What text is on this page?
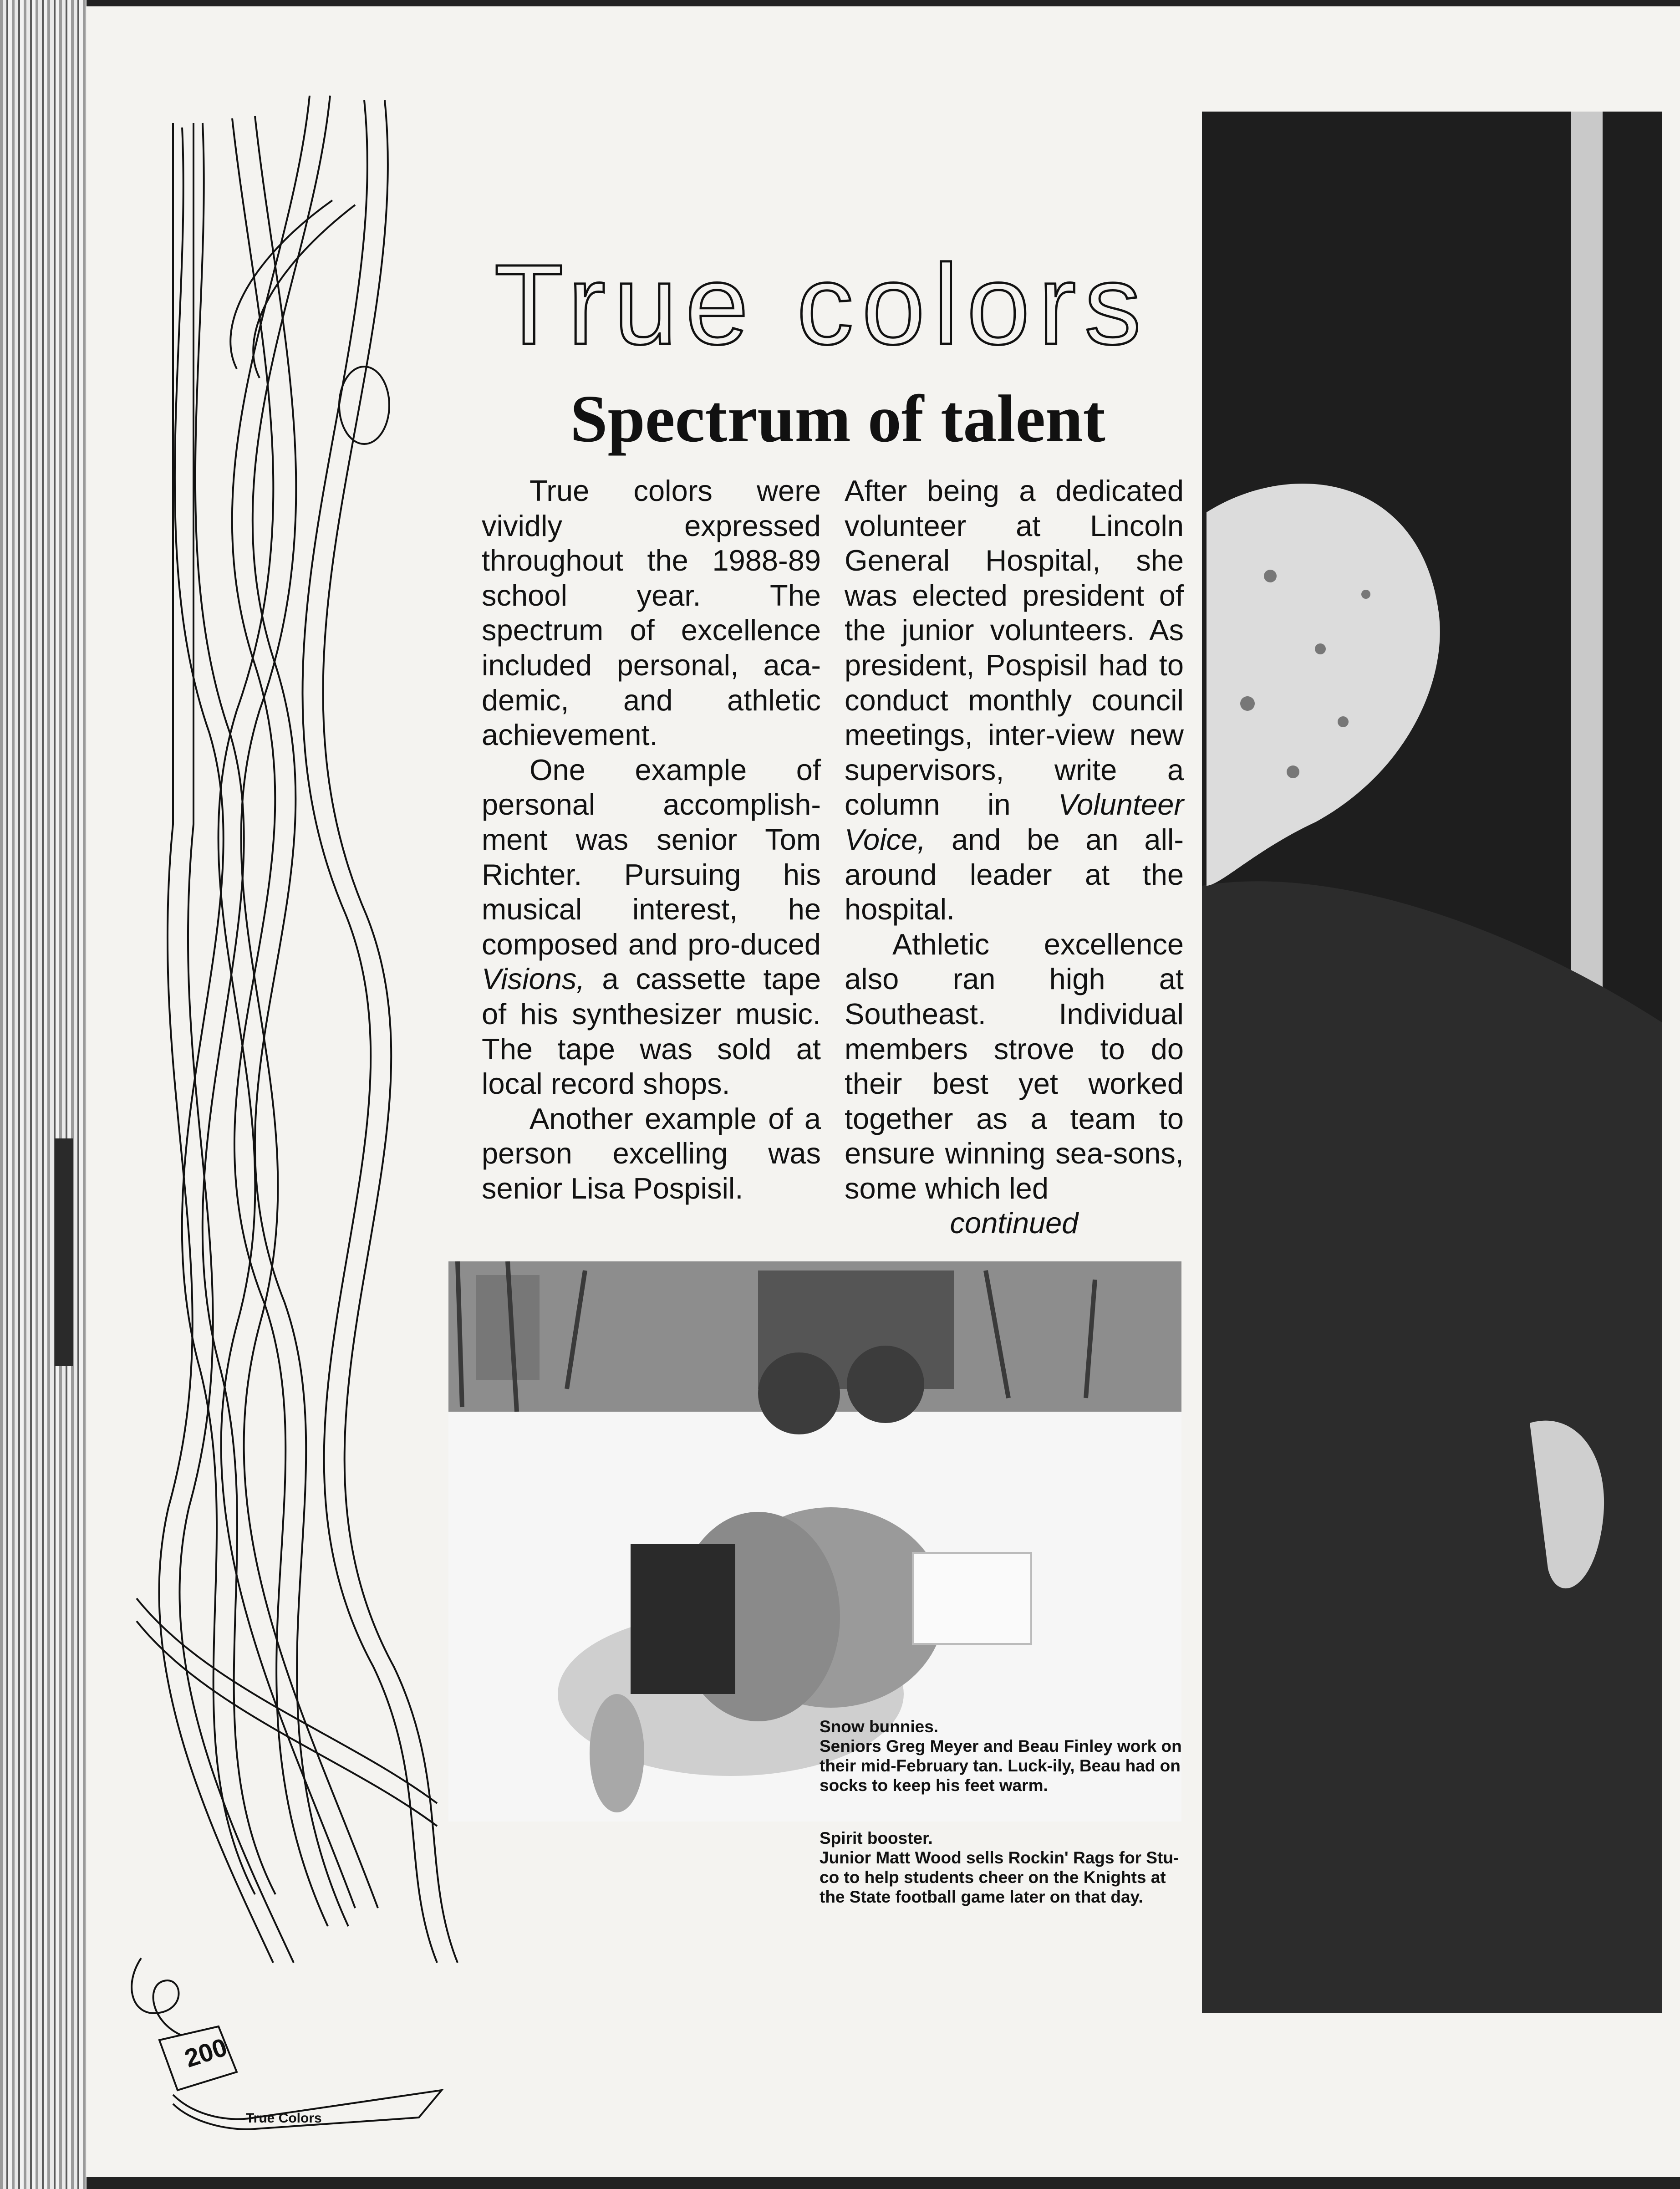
True colors
Spectrum of talent

True colors were vividly expressed throughout the 1988-89 school year. The spectrum of excellence included personal, aca-demic, and athletic achievement.

One example of personal accomplish-ment was senior Tom Richter. Pursuing his musical interest, he composed and pro-duced Visions, a cassette tape of his synthesizer music. The tape was sold at local record shops.

Another example of a person excelling was senior Lisa Pospisil.

After being a dedicated volunteer at Lincoln General Hospital, she was elected president of the junior volunteers. As president, Pospisil had to conduct monthly council meetings, inter-view new supervisors, write a column in Volunteer Voice, and be an all-around leader at the hospital.

Athletic excellence also ran high at Southeast. Individual members strove to do their best yet worked together as a team to ensure winning sea-sons, some which led

continued

Snow bunnies.

Seniors Greg Meyer and Beau Finley work on their mid-February tan. Luck-ily, Beau had on socks to keep his feet warm.

Spirit booster.

Junior Matt Wood sells Rockin' Rags for Stu-co to help students cheer on the Knights at the State football game later on that day.

200
True Colors
